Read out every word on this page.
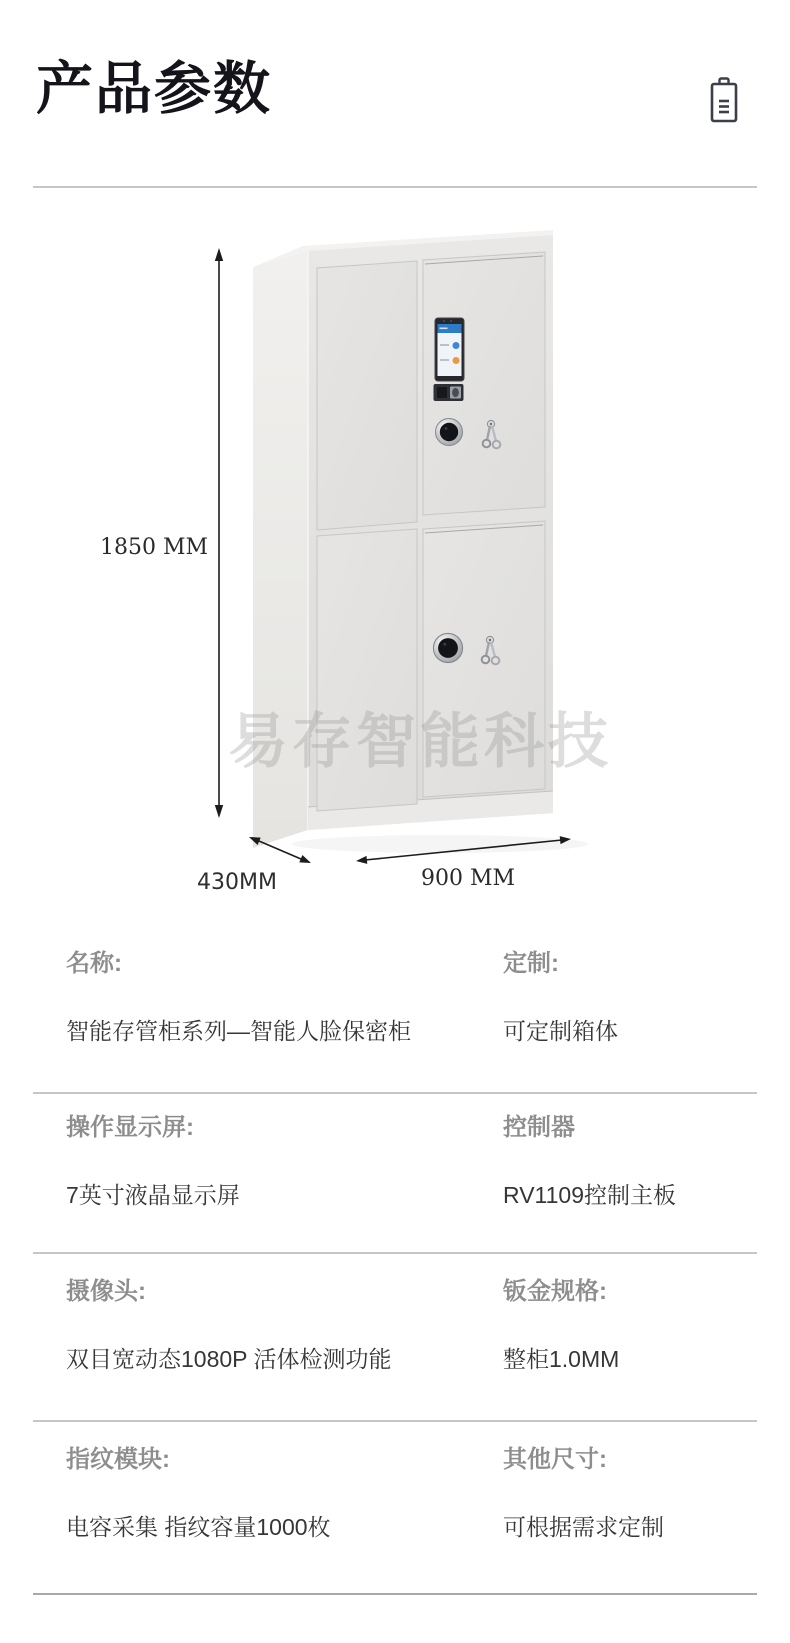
产品参数
易存智能科技
1850 MM
430MM	900 MM
名称:	定制:
智能存管柜系列—智能人脸保密柜	可定制箱体
操作显示屏:	控制器
7英寸液晶显示屏	RV1109控制主板
摄像头:	钣金规格:
双目宽动态1080P 活体检测功能	整柜1.0MM
指纹模块:	其他尺寸:
电容采集 指纹容量1000枚	可根据需求定制
